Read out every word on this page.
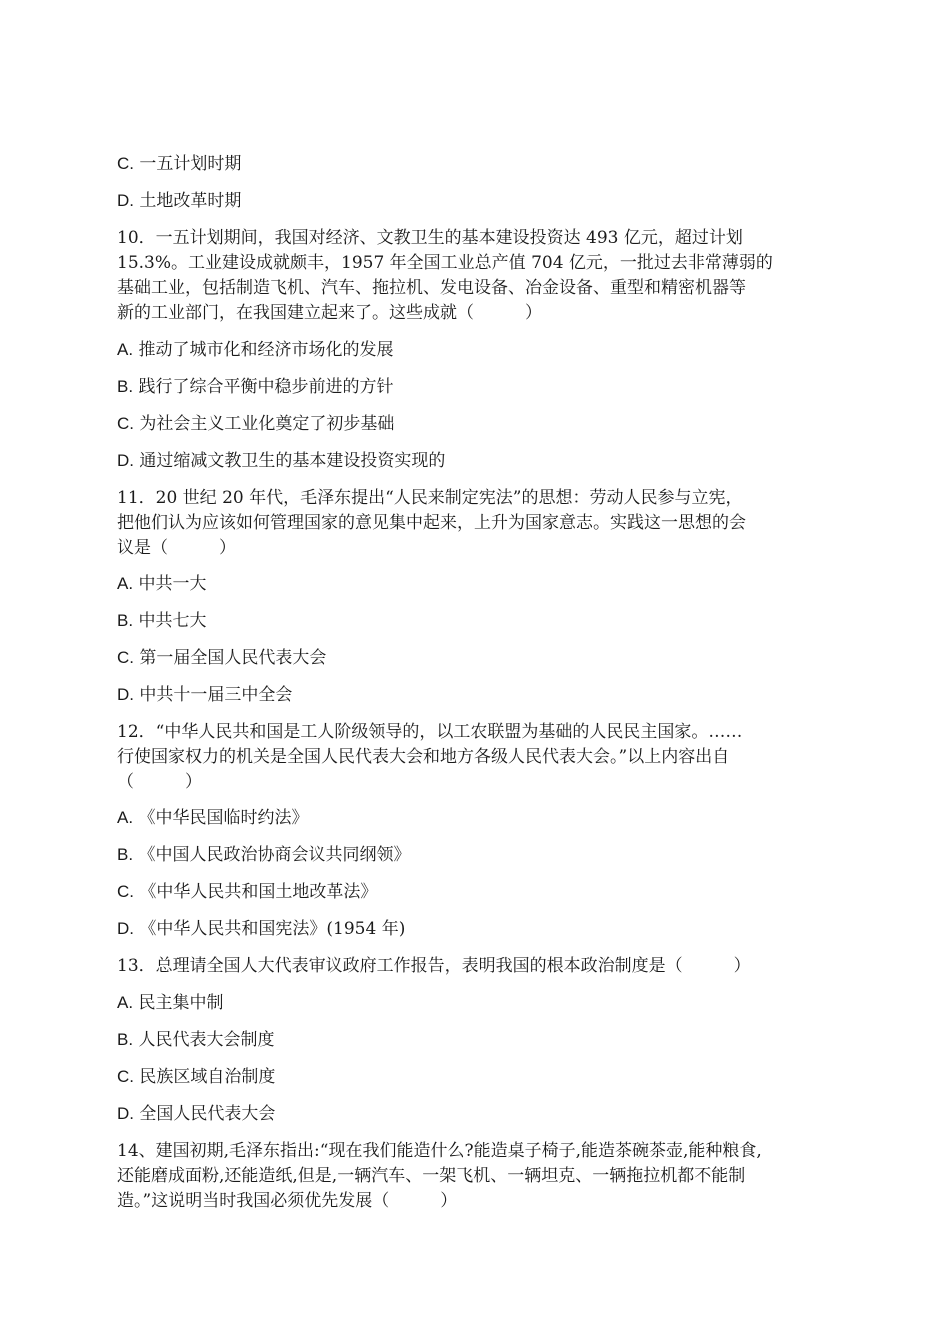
C. 一五计划时期
D. 土地改革时期
10．一五计划期间，我国对经济、文教卫生的基本建设投资达 493 亿元，超过计划
15.3%。工业建设成就颇丰，1957 年全国工业总产值 704 亿元，一批过去非常薄弱的
基础工业，包括制造飞机、汽车、拖拉机、发电设备、冶金设备、重型和精密机器等
新的工业部门，在我国建立起来了。这些成就（　　　）
A. 推动了城市化和经济市场化的发展
B. 践行了综合平衡中稳步前进的方针
C. 为社会主义工业化奠定了初步基础
D. 通过缩减文教卫生的基本建设投资实现的
11．20 世纪 20 年代，毛泽东提出“人民来制定宪法”的思想：劳动人民参与立宪，
把他们认为应该如何管理国家的意见集中起来，上升为国家意志。实践这一思想的会
议是（　　　）
A. 中共一大
B. 中共七大
C. 第一届全国人民代表大会
D. 中共十一届三中全会
12．“中华人民共和国是工人阶级领导的，以工农联盟为基础的人民民主国家。……
行使国家权力的机关是全国人民代表大会和地方各级人民代表大会。”以上内容出自
（　　　）
A. 《中华民国临时约法》
B. 《中国人民政治协商会议共同纲领》
C. 《中华人民共和国土地改革法》
D. 《中华人民共和国宪法》(1954 年)
13．总理请全国人大代表审议政府工作报告，表明我国的根本政治制度是（　　　）
A. 民主集中制
B. 人民代表大会制度
C. 民族区域自治制度
D. 全国人民代表大会
14、建国初期,毛泽东指出:“现在我们能造什么?能造桌子椅子,能造茶碗茶壶,能种粮食,
还能磨成面粉,还能造纸,但是,一辆汽车、一架飞机、一辆坦克、一辆拖拉机都不能制
造。”这说明当时我国必须优先发展（　　　）
